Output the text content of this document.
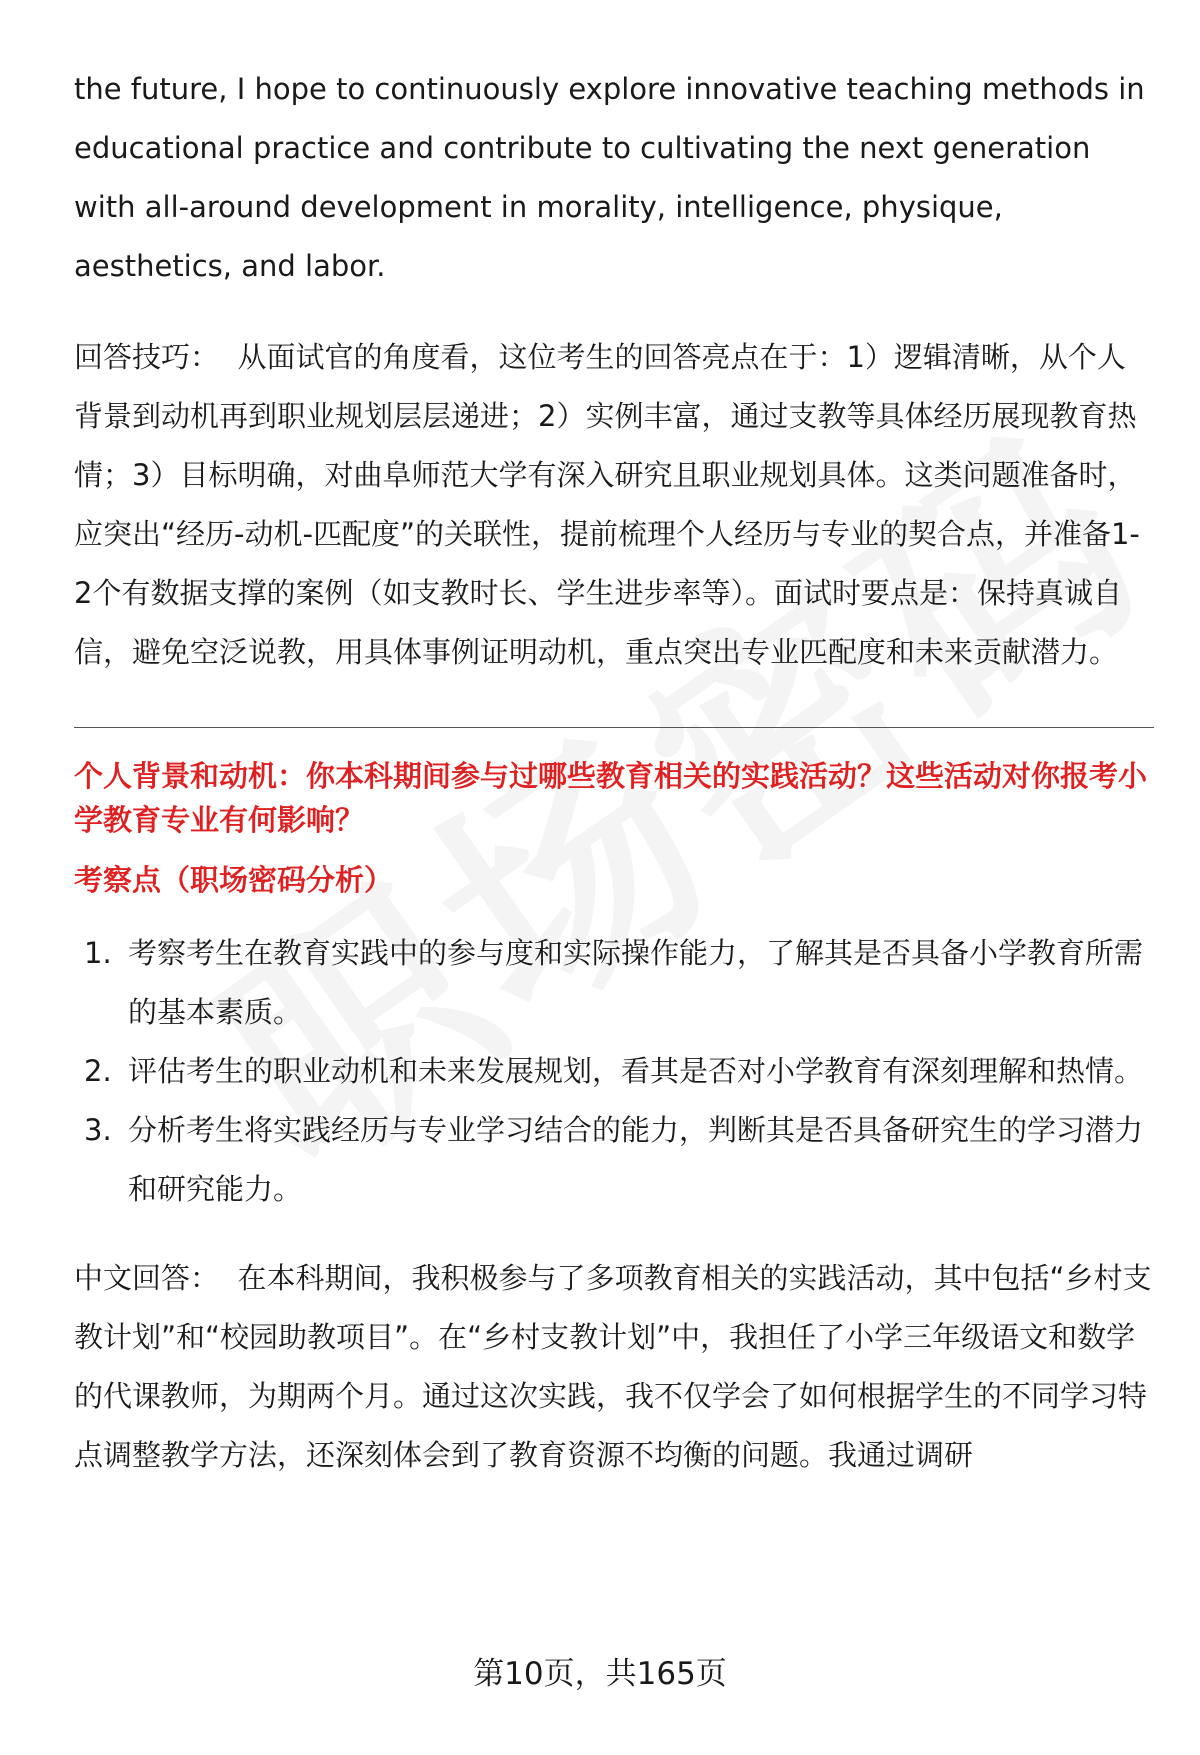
the future, I hope to continuously explore innovative teaching methods in educational practice and contribute to cultivating the next generation with all-around development in morality, intelligence, physique, aesthetics, and labor.

回答技巧： 从面试官的角度看，这位考生的回答亮点在于：1）逻辑清晰，从个人背景到动机再到职业规划层层递进；2）实例丰富，通过支教等具体经历展现教育热情；3）目标明确，对曲阜师范大学有深入研究且职业规划具体。这类问题准备时，应突出“经历-动机-匹配度”的关联性，提前梳理个人经历与专业的契合点，并准备1-2个有数据支撑的案例（如支教时长、学生进步率等）。面试时要点是：保持真诚自信，避免空泛说教，用具体事例证明动机，重点突出专业匹配度和未来贡献潜力。

个人背景和动机：你本科期间参与过哪些教育相关的实践活动？这些活动对你报考小学教育专业有何影响？

考察点（职场密码分析）

1. 考察考生在教育实践中的参与度和实际操作能力，了解其是否具备小学教育所需的基本素质。
2. 评估考生的职业动机和未来发展规划，看其是否对小学教育有深刻理解和热情。
3. 分析考生将实践经历与专业学习结合的能力，判断其是否具备研究生的学习潜力和研究能力。

中文回答： 在本科期间，我积极参与了多项教育相关的实践活动，其中包括“乡村支教计划”和“校园助教项目”。在“乡村支教计划”中，我担任了小学三年级语文和数学的代课教师，为期两个月。通过这次实践，我不仅学会了如何根据学生的不同学习特点调整教学方法，还深刻体会到了教育资源不均衡的问题。我通过调研

第10页，共165页
